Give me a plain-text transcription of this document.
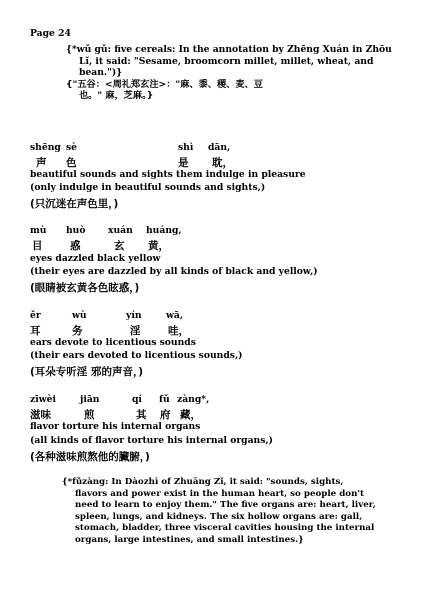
Page 24
{*wǔ gǔ: five cereals: In the annotation by Zhēng Xuán in Zhōu
Lǐ, it said: "Sesame, broomcorn millet, millet, wheat, and
bean.")}
{"五谷：<周礼郑玄注>："麻、黍、稷、麦、豆
也。" 麻，芝麻。}
shēng sè	shì dān,
声 色	是 耽，
beautiful sounds and sights them indulge in pleasure
(only indulge in beautiful sounds and sights,)
(只沉迷在声色里，)
mù huò xuán huáng,
目	惑	玄 黄，
eyes dazzled black yellow
(their eyes are dazzled by all kinds of black and yellow,)
(眼睛被玄黄各色眩惑，)
ěr	wù	yín	wā,
耳	务	淫	哇，
ears devote to licentious sounds
(their ears devoted to licentious sounds,)
(耳朵专听淫 邪的声音，)
zīwèi	jiān	qí fǔ zàng*,
滋味	煎	其 府 藏，
flavor torture his internal organs
(all kinds of flavor torture his internal organs,)
(各种滋味煎熬他的臟腑，)
{*fǔzàng: In Dàozhì of Zhuāng Zǐ, it said: "sounds, sights,
flavors and power exist in the human heart, so people don't
need to learn to enjoy them." The five organs are: heart, liver,
spleen, lungs, and kidneys. The six hollow organs are: gall,
stomach, bladder, three visceral cavities housing the internal
organs, large intestines, and small intestines.}
